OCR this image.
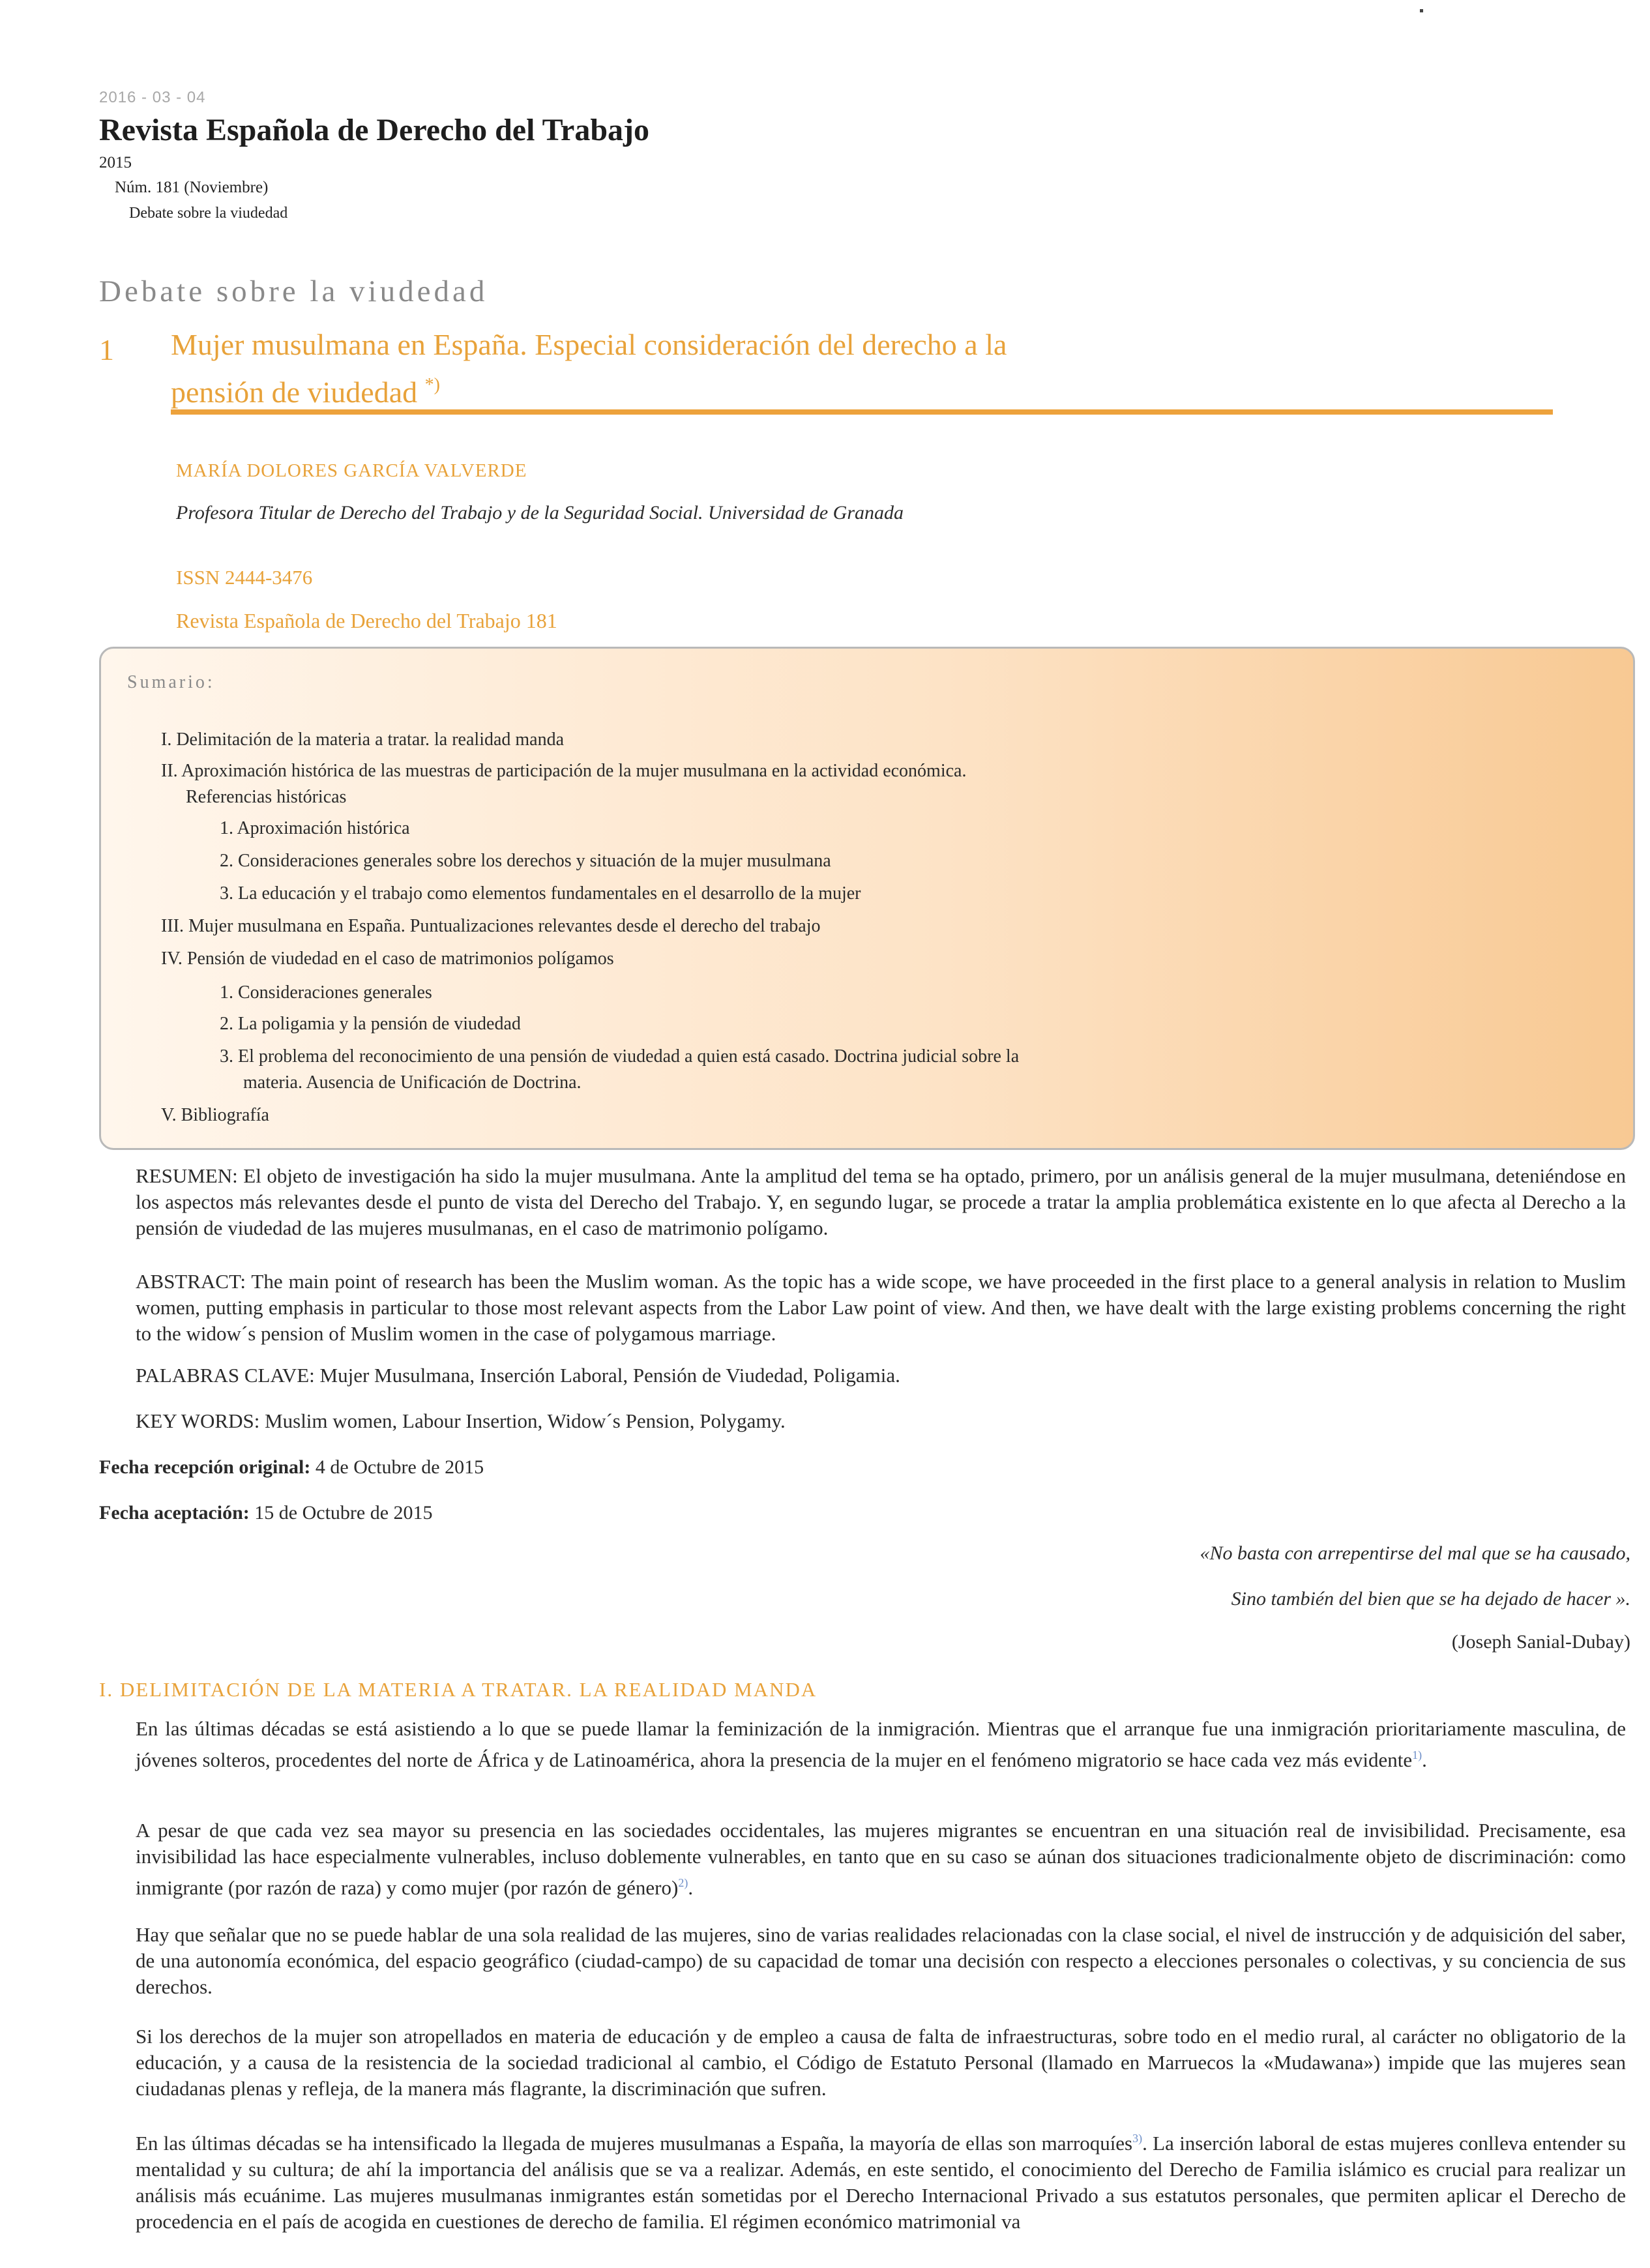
2016 - 03 - 04
Revista Española de Derecho del Trabajo
2015
Núm. 181 (Noviembre)
Debate sobre la viudedad
Debate sobre la viudedad
1 Mujer musulmana en España. Especial consideración del derecho a la
pensión de viudedad *)
MARÍA DOLORES GARCÍA VALVERDE
Profesora Titular de Derecho del Trabajo y de la Seguridad Social. Universidad de Granada
ISSN 2444-3476
Revista Española de Derecho del Trabajo 181
Sumario:
I. Delimitación de la materia a tratar. la realidad manda
II. Aproximación histórica de las muestras de participación de la mujer musulmana en la actividad económica.
Referencias históricas
1. Aproximación histórica
2. Consideraciones generales sobre los derechos y situación de la mujer musulmana
3. La educación y el trabajo como elementos fundamentales en el desarrollo de la mujer
III. Mujer musulmana en España. Puntualizaciones relevantes desde el derecho del trabajo
IV. Pensión de viudedad en el caso de matrimonios polígamos
1. Consideraciones generales
2. La poligamia y la pensión de viudedad
3. El problema del reconocimiento de una pensión de viudedad a quien está casado. Doctrina judicial sobre la
materia. Ausencia de Unificación de Doctrina.
V. Bibliografía
RESUMEN: El objeto de investigación ha sido la mujer musulmana. Ante la amplitud del tema se ha optado, primero, por un análisis general de la mujer musulmana, deteniéndose en los aspectos más relevantes desde el punto de vista del Derecho del Trabajo. Y, en segundo lugar, se procede a tratar la amplia problemática existente en lo que afecta al Derecho a la pensión de viudedad de las mujeres musulmanas, en el caso de matrimonio polígamo.
ABSTRACT: The main point of research has been the Muslim woman. As the topic has a wide scope, we have proceeded in the first place to a general analysis in relation to Muslim women, putting emphasis in particular to those most relevant aspects from the Labor Law point of view. And then, we have dealt with the large existing problems concerning the right to the widow´s pension of Muslim women in the case of polygamous marriage.
PALABRAS CLAVE: Mujer Musulmana, Inserción Laboral, Pensión de Viudedad, Poligamia.
KEY WORDS: Muslim women, Labour Insertion, Widow´s Pension, Polygamy.
Fecha recepción original: 4 de Octubre de 2015
Fecha aceptación: 15 de Octubre de 2015
«No basta con arrepentirse del mal que se ha causado,
Sino también del bien que se ha dejado de hacer ».
(Joseph Sanial-Dubay)
I. DELIMITACIÓN DE LA MATERIA A TRATAR. LA REALIDAD MANDA
En las últimas décadas se está asistiendo a lo que se puede llamar la feminización de la inmigración. Mientras que el arranque fue una inmigración prioritariamente masculina, de jóvenes solteros, procedentes del norte de África y de Latinoamérica, ahora la presencia de la mujer en el fenómeno migratorio se hace cada vez más evidente$^{1)}$.
A pesar de que cada vez sea mayor su presencia en las sociedades occidentales, las mujeres migrantes se encuentran en una situación real de invisibilidad. Precisamente, esa invisibilidad las hace especialmente vulnerables, incluso doblemente vulnerables, en tanto que en su caso se aúnan dos situaciones tradicionalmente objeto de discriminación: como inmigrante (por razón de raza) y como mujer (por razón de género)$^{2)}$.
Hay que señalar que no se puede hablar de una sola realidad de las mujeres, sino de varias realidades relacionadas con la clase social, el nivel de instrucción y de adquisición del saber, de una autonomía económica, del espacio geográfico (ciudad-campo) de su capacidad de tomar una decisión con respecto a elecciones personales o colectivas, y su conciencia de sus derechos.
Si los derechos de la mujer son atropellados en materia de educación y de empleo a causa de falta de infraestructuras, sobre todo en el medio rural, al carácter no obligatorio de la educación, y a causa de la resistencia de la sociedad tradicional al cambio, el Código de Estatuto Personal (llamado en Marruecos la «Mudawana») impide que las mujeres sean ciudadanas plenas y refleja, de la manera más flagrante, la discriminación que sufren.
En las últimas décadas se ha intensificado la llegada de mujeres musulmanas a España, la mayoría de ellas son marroquíes$^{3)}$. La inserción laboral de estas mujeres conlleva entender su mentalidad y su cultura; de ahí la importancia del análisis que se va a realizar. Además, en este sentido, el conocimiento del Derecho de Familia islámico es crucial para realizar un análisis más ecuánime. Las mujeres musulmanas inmigrantes están sometidas por el Derecho Internacional Privado a sus estatutos personales, que permiten aplicar el Derecho de procedencia en el país de acogida en cuestiones de derecho de familia. El régimen económico matrimonial va
